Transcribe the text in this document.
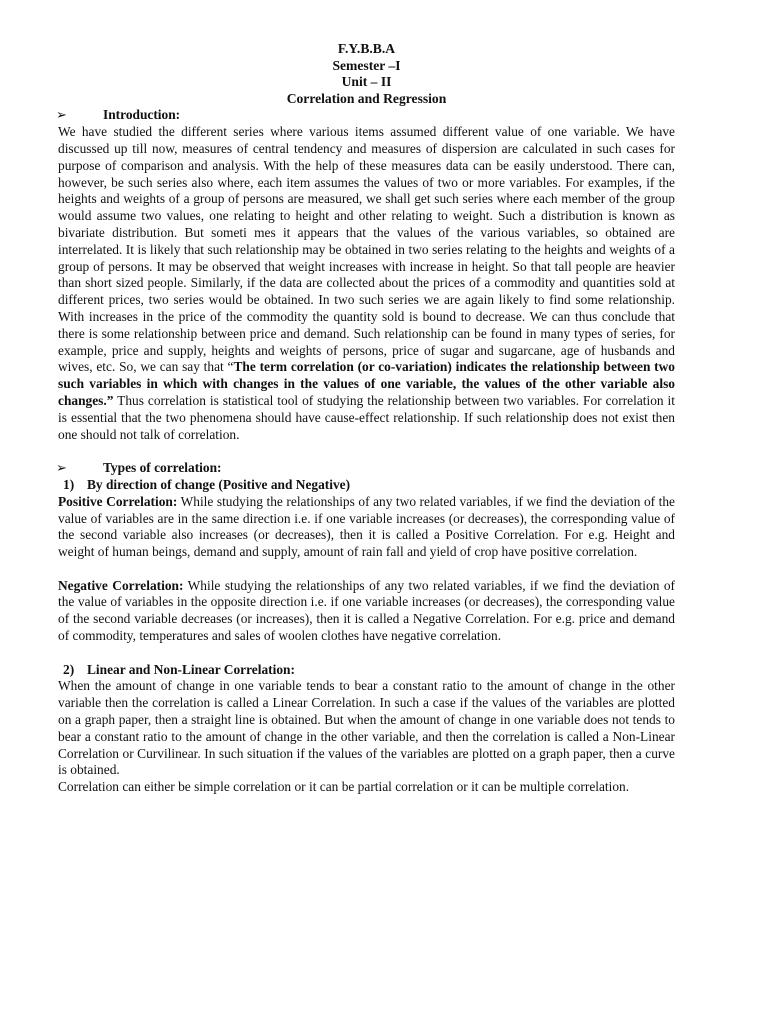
F.Y.B.B.A
Semester –I
Unit – II
Correlation and Regression
➢	Introduction:

We have studied the different series where various items assumed different value of one variable. We have discussed up till now, measures of central tendency and measures of dispersion are calculated in such cases for purpose of comparison and analysis. With the help of these measures data can be easily understood. There can, however, be such series also where, each item assumes the values of two or more variables. For examples, if the heights and weights of a group of persons are measured, we shall get such series where each member of the group would assume two values, one relating to height and other relating to weight. Such a distribution is known as bivariate distribution. But someti mes it appears that the values of the various variables, so obtained are interrelated. It is likely that such relationship may be obtained in two series relating to the heights and weights of a group of persons. It may be observed that weight increases with increase in height. So that tall people are heavier than short sized people. Similarly, if the data are collected about the prices of a commodity and quantities sold at different prices, two series would be obtained. In two such series we are again likely to find some relationship. With increases in the price of the commodity the quantity sold is bound to decrease. We can thus conclude that there is some relationship between price and demand. Such relationship can be found in many types of series, for example, price and supply, heights and weights of persons, price of sugar and sugarcane, age of husbands and wives, etc. So, we can say that “The term correlation (or co-variation) indicates the relationship between two such variables in which with changes in the values of one variable, the values of the other variable also changes.” Thus correlation is statistical tool of studying the relationship between two variables. For correlation it is essential that the two phenomena should have cause-effect relationship. If such relationship does not exist then one should not talk of correlation.

➢	Types of correlation:
1) By direction of change (Positive and Negative)

Positive Correlation: While studying the relationships of any two related variables, if we find the deviation of the value of variables are in the same direction i.e. if one variable increases (or decreases), the corresponding value of the second variable also increases (or decreases), then it is called a Positive Correlation. For e.g. Height and weight of human beings, demand and supply, amount of rain fall and yield of crop have positive correlation.

Negative Correlation: While studying the relationships of any two related variables, if we find the deviation of the value of variables in the opposite direction i.e. if one variable increases (or decreases), the corresponding value of the second variable decreases (or increases), then it is called a Negative Correlation. For e.g. price and demand of commodity, temperatures and sales of woolen clothes have negative correlation.

2) Linear and Non-Linear Correlation:

When the amount of change in one variable tends to bear a constant ratio to the amount of change in the other variable then the correlation is called a Linear Correlation. In such a case if the values of the variables are plotted on a graph paper, then a straight line is obtained. But when the amount of change in one variable does not tends to bear a constant ratio to the amount of change in the other variable, and then the correlation is called a Non-Linear Correlation or Curvilinear. In such situation if the values of the variables are plotted on a graph paper, then a curve is obtained.

Correlation can either be simple correlation or it can be partial correlation or it can be multiple correlation.
